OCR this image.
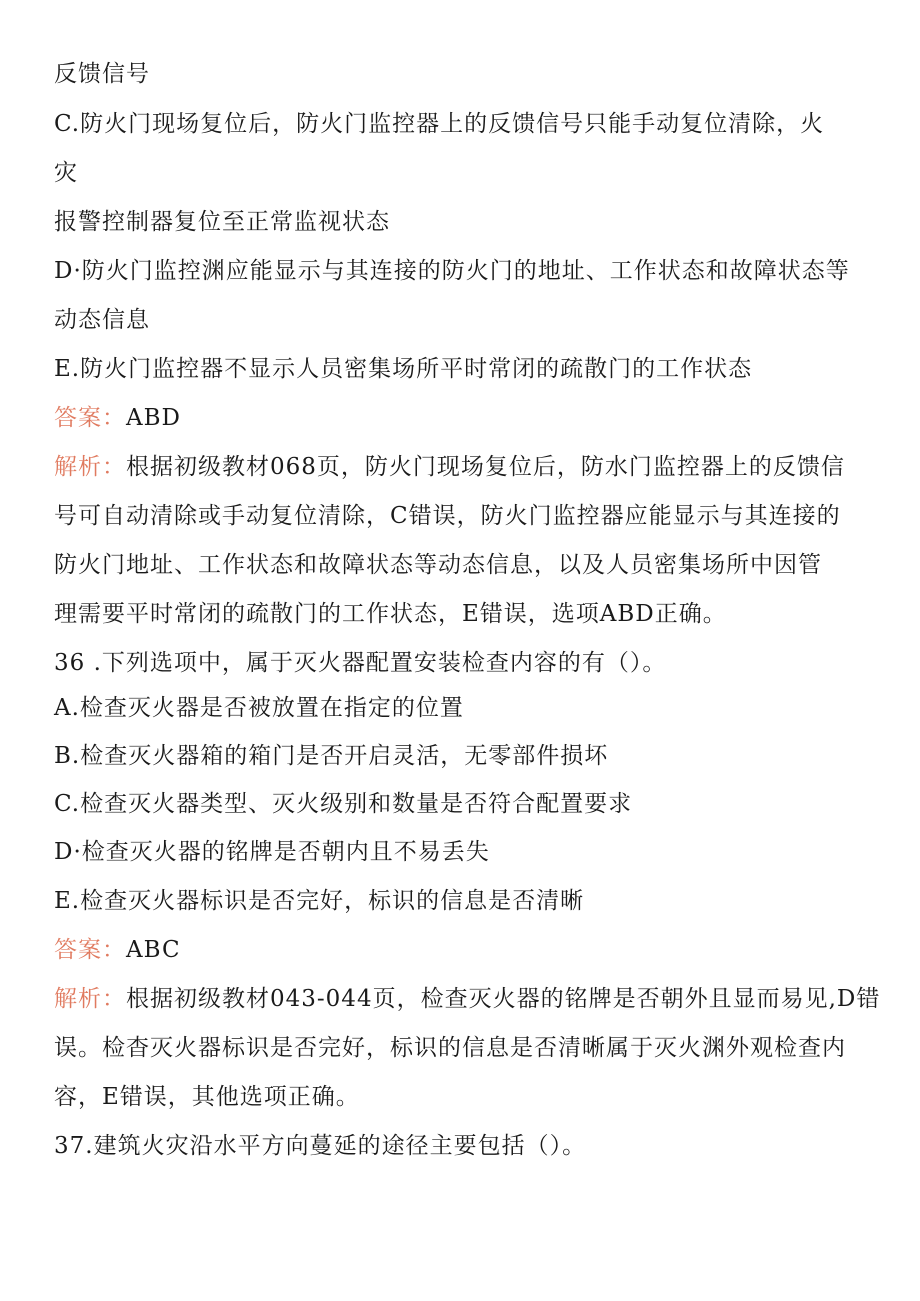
反馈信号
C.防火门现场复位后，防火门监控器上的反馈信号只能手动复位清除，火
灾
报警控制器复位至正常监视状态
D·防火门监控渊应能显示与其连接的防火门的地址、工作状态和故障状态等
动态信息
E.防火门监控器不显示人员密集场所平时常闭的疏散门的工作状态
答案：ABD
解析：根据初级教材068页，防火门现场复位后，防水门监控器上的反馈信
号可自动清除或手动复位清除，C错误，防火门监控器应能显示与其连接的
防火门地址、工作状态和故障状态等动态信息，以及人员密集场所中因管
理需要平时常闭的疏散门的工作状态，E错误，选项ABD正确。
36 .下列选项中，属于灭火器配置安装检查内容的有（）。
A.检查灭火器是否被放置在指定的位置
B.检查灭火器箱的箱门是否开启灵活，无零部件损坏
C.检查灭火器类型、灭火级别和数量是否符合配置要求
D·检查灭火器的铭牌是否朝内且不易丢失
E.检查灭火器标识是否完好，标识的信息是否清晰
答案：ABC
解析：根据初级教材043-044页，检查灭火器的铭牌是否朝外且显而易见,D错
误。检杳灭火器标识是否完好，标识的信息是否清晰属于灭火渊外观检查内
容，E错误，其他选项正确。
37.建筑火灾沿水平方向蔓延的途径主要包括（）。
